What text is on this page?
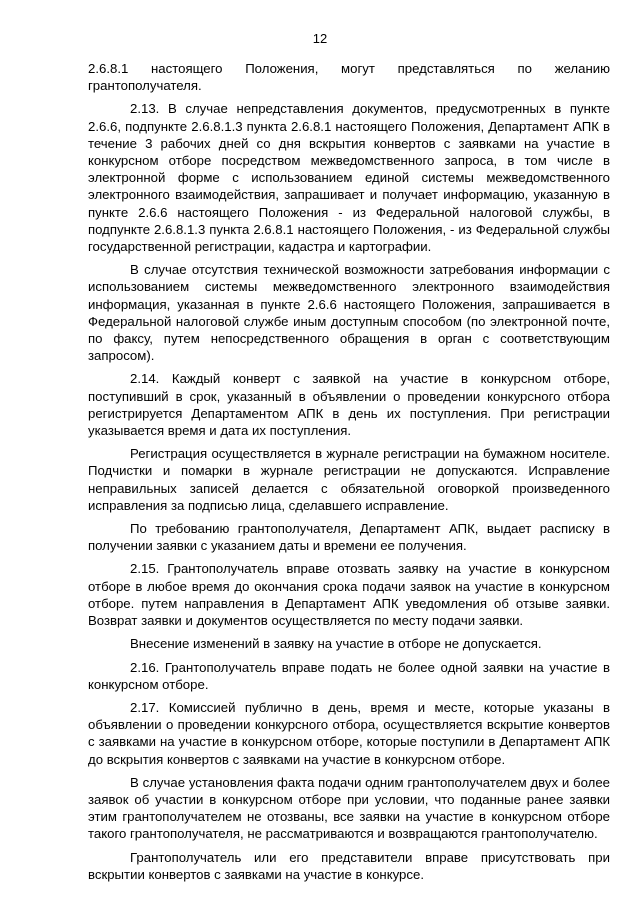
12

2.6.8.1 настоящего Положения, могут представляться по желанию грантополучателя.

2.13. В случае непредставления документов, предусмотренных в пункте 2.6.6, подпункте 2.6.8.1.3 пункта 2.6.8.1 настоящего Положения, Департамент АПК в течение 3 рабочих дней со дня вскрытия конвертов с заявками на участие в конкурсном отборе посредством межведомственного запроса, в том числе в электронной форме с использованием единой системы межведомственного электронного взаимодействия, запрашивает и получает информацию, указанную в пункте 2.6.6 настоящего Положения - из Федеральной налоговой службы, в подпункте 2.6.8.1.3 пункта 2.6.8.1 настоящего Положения, - из Федеральной службы государственной регистрации, кадастра и картографии.

В случае отсутствия технической возможности затребования информации с использованием системы межведомственного электронного взаимодействия информация, указанная в пункте 2.6.6 настоящего Положения, запрашивается в Федеральной налоговой службе иным доступным способом (по электронной почте, по факсу, путем непосредственного обращения в орган с соответствующим запросом).

2.14. Каждый конверт с заявкой на участие в конкурсном отборе, поступивший в срок, указанный в объявлении о проведении конкурсного отбора регистрируется Департаментом АПК в день их поступления. При регистрации указывается время и дата их поступления.

Регистрация осуществляется в журнале регистрации на бумажном носителе. Подчистки и помарки в журнале регистрации не допускаются. Исправление неправильных записей делается с обязательной оговоркой произведенного исправления за подписью лица, сделавшего исправление.

По требованию грантополучателя, Департамент АПК, выдает расписку в получении заявки с указанием даты и времени ее получения.

2.15. Грантополучатель вправе отозвать заявку на участие в конкурсном отборе в любое время до окончания срока подачи заявок на участие в конкурсном отборе. путем направления в Департамент АПК уведомления об отзыве заявки. Возврат заявки и документов осуществляется по месту подачи заявки.

Внесение изменений в заявку на участие в отборе не допускается.

2.16. Грантополучатель вправе подать не более одной заявки на участие в конкурсном отборе.

2.17. Комиссией публично в день, время и месте, которые указаны в объявлении о проведении конкурсного отбора, осуществляется вскрытие конвертов с заявками на участие в конкурсном отборе, которые поступили в Департамент АПК до вскрытия конвертов с заявками на участие в конкурсном отборе.

В случае установления факта подачи одним грантополучателем двух и более заявок об участии в конкурсном отборе при условии, что поданные ранее заявки этим грантополучателем не отозваны, все заявки на участие в конкурсном отборе такого грантополучателя, не рассматриваются и возвращаются грантополучателю.

Грантополучатель или его представители вправе присутствовать при вскрытии конвертов с заявками на участие в конкурсе.
